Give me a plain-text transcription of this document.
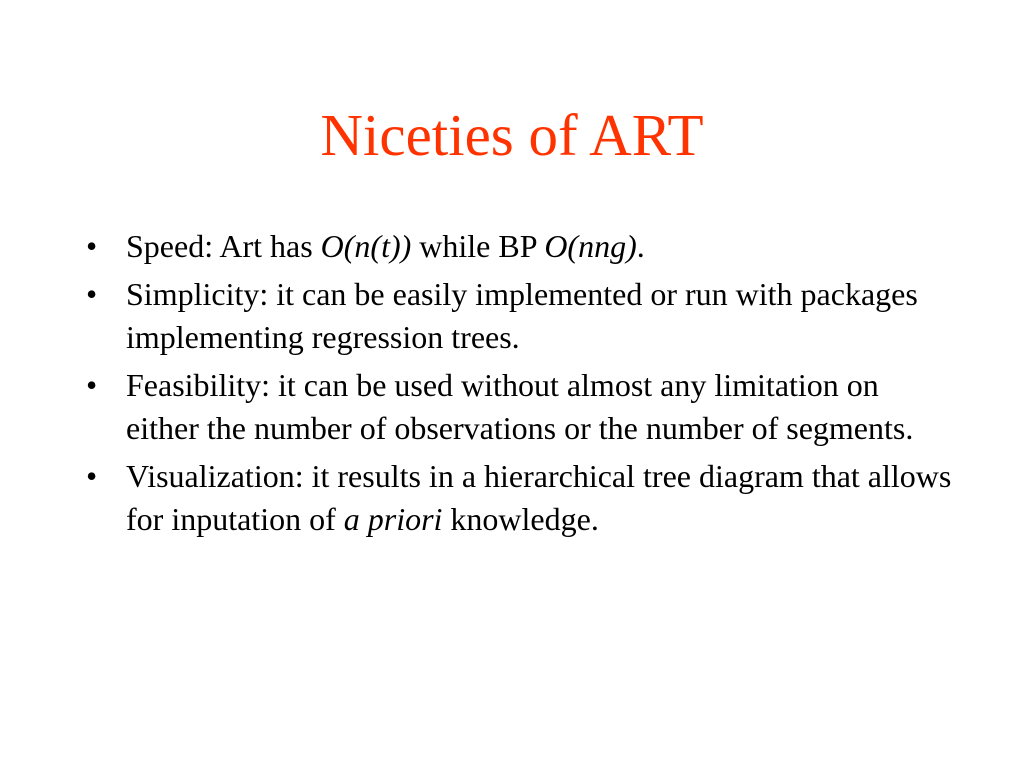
Niceties of ART
• Speed: Art has O(n(t)) while BP O(nng).
• Simplicity: it can be easily implemented or run with packages implementing regression trees.
• Feasibility: it can be used without almost any limitation on either the number of observations or the number of segments.
• Visualization: it results in a hierarchical tree diagram that allows for inputation of a priori knowledge.
